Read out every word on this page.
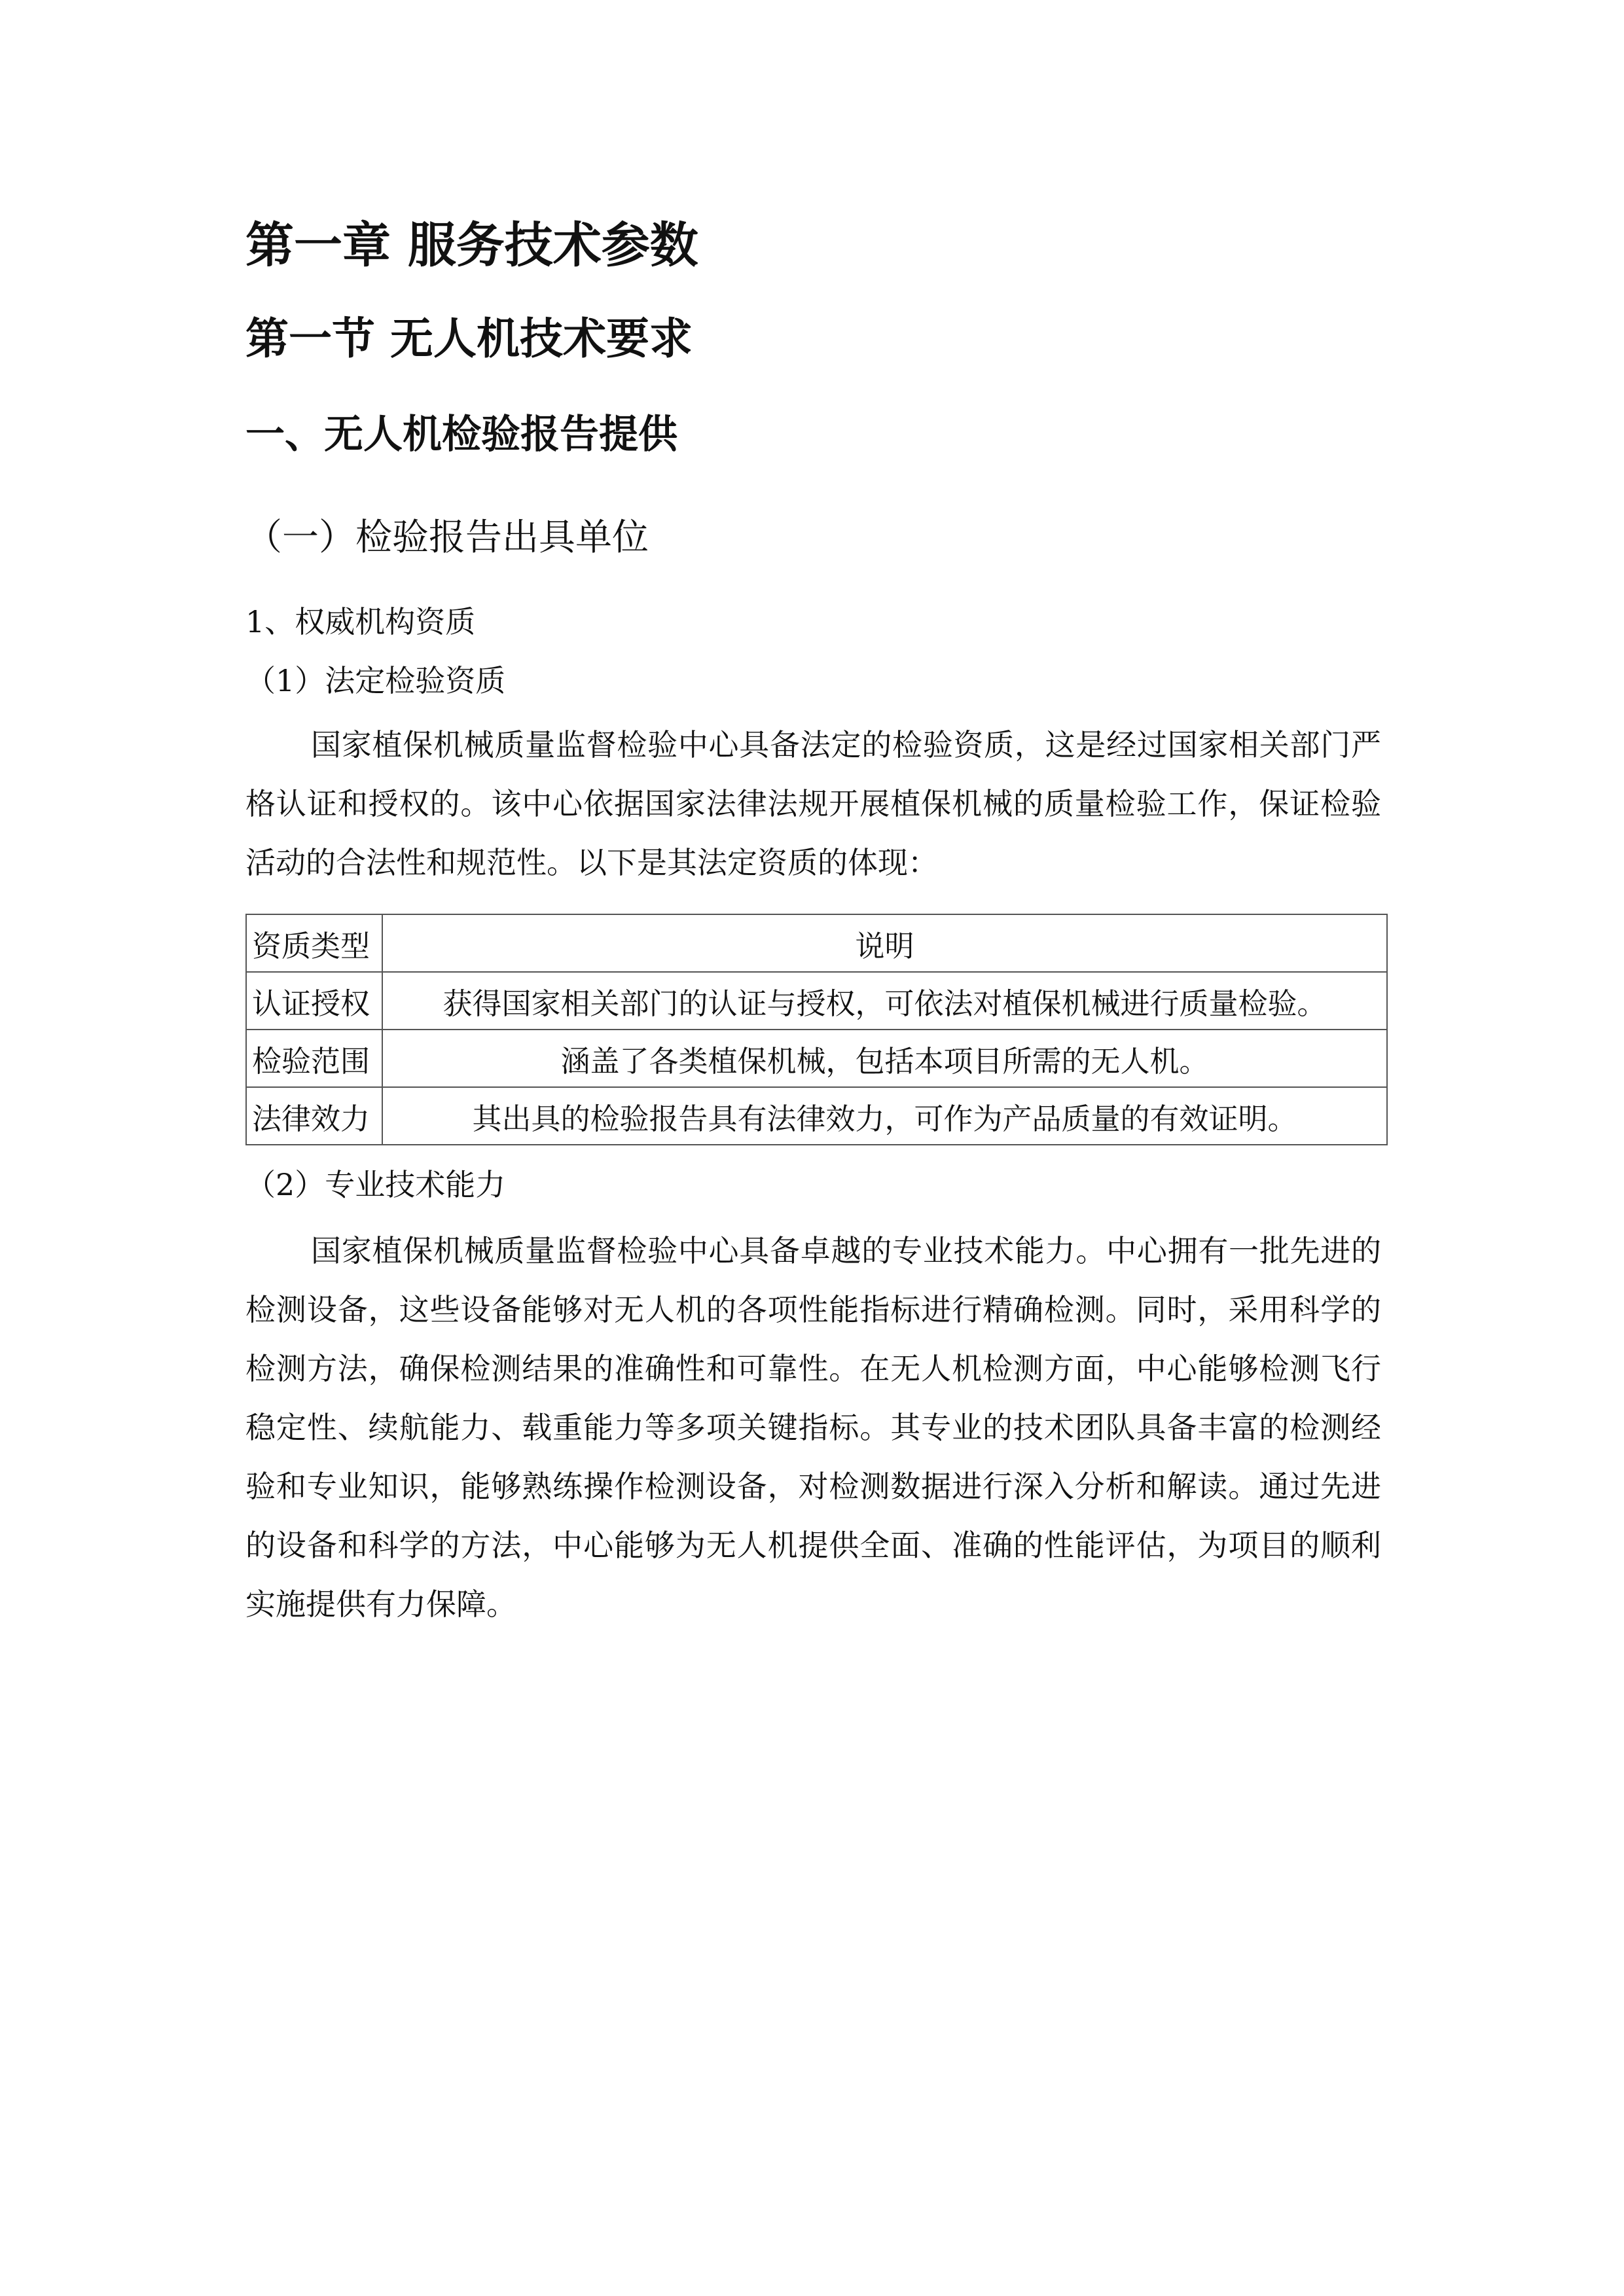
第一章 服务技术参数
第一节 无人机技术要求
一、无人机检验报告提供
（一）检验报告出具单位
1、权威机构资质
（1）法定检验资质

国家植保机械质量监督检验中心具备法定的检验资质，这是经过国家相关部门严格认证和授权的。该中心依据国家法律法规开展植保机械的质量检验工作，保证检验活动的合法性和规范性。以下是其法定资质的体现：

资质类型	说明
认证授权	获得国家相关部门的认证与授权，可依法对植保机械进行质量检验。
检验范围	涵盖了各类植保机械，包括本项目所需的无人机。
法律效力	其出具的检验报告具有法律效力，可作为产品质量的有效证明。
（2）专业技术能力

国家植保机械质量监督检验中心具备卓越的专业技术能力。中心拥有一批先进的检测设备，这些设备能够对无人机的各项性能指标进行精确检测。同时，采用科学的检测方法，确保检测结果的准确性和可靠性。在无人机检测方面，中心能够检测飞行稳定性、续航能力、载重能力等多项关键指标。其专业的技术团队具备丰富的检测经验和专业知识，能够熟练操作检测设备，对检测数据进行深入分析和解读。通过先进的设备和科学的方法，中心能够为无人机提供全面、准确的性能评估，为项目的顺利实施提供有力保障。
